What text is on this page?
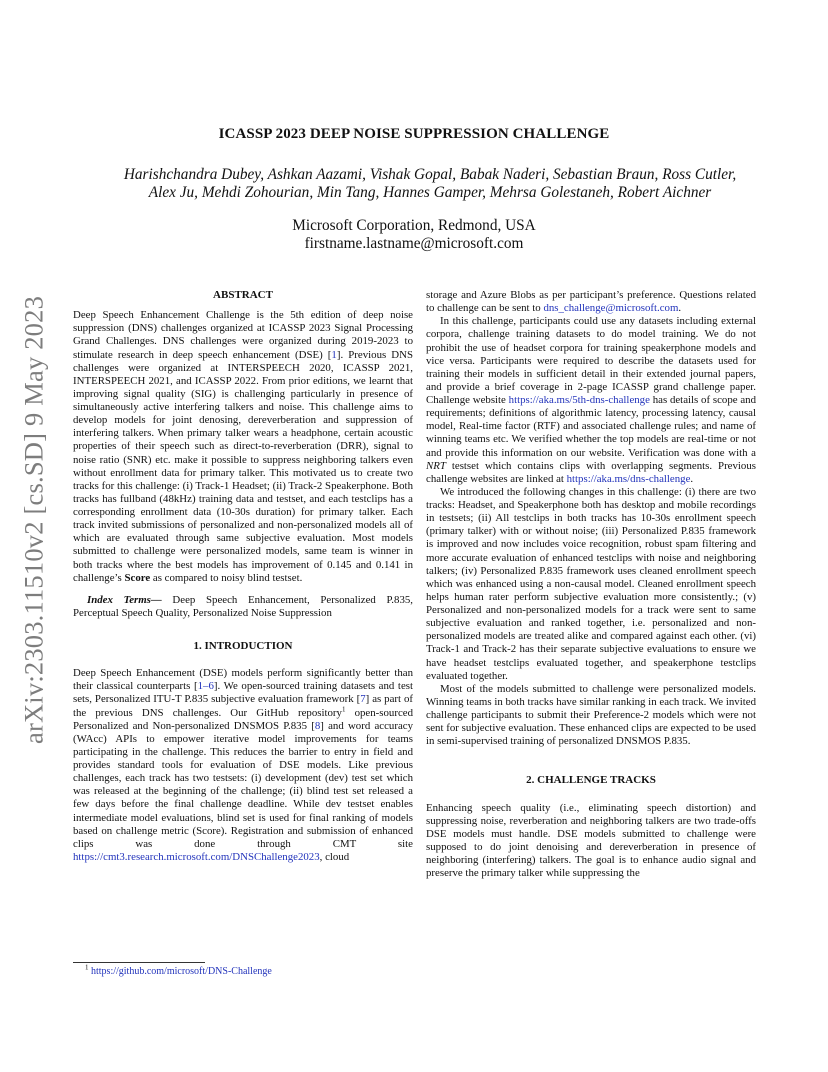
arXiv:2303.11510v2 [cs.SD] 9 May 2023
ICASSP 2023 DEEP NOISE SUPPRESSION CHALLENGE
Harishchandra Dubey, Ashkan Aazami, Vishak Gopal, Babak Naderi, Sebastian Braun, Ross Cutler,
Alex Ju, Mehdi Zohourian, Min Tang, Hannes Gamper, Mehrsa Golestaneh, Robert Aichner
Microsoft Corporation, Redmond, USA
firstname.lastname@microsoft.com
ABSTRACT

Deep Speech Enhancement Challenge is the 5th edition of deep noise suppression (DNS) challenges organized at ICASSP 2023 Signal Processing Grand Challenges. DNS challenges were organized during 2019-2023 to stimulate research in deep speech enhancement (DSE) [1]. Previous DNS challenges were organized at INTERSPEECH 2020, ICASSP 2021, INTERSPEECH 2021, and ICASSP 2022. From prior editions, we learnt that improving signal quality (SIG) is challenging particularly in presence of simultaneously active interfering talkers and noise. This challenge aims to develop models for joint denosing, dereverberation and suppression of interfering talkers. When primary talker wears a headphone, certain acoustic properties of their speech such as direct-to-reverberation (DRR), signal to noise ratio (SNR) etc. make it possible to suppress neighboring talkers even without enrollment data for primary talker. This motivated us to create two tracks for this challenge: (i) Track-1 Headset; (ii) Track-2 Speakerphone. Both tracks has fullband (48kHz) training data and testset, and each testclips has a corresponding enrollment data (10-30s duration) for primary talker. Each track invited submissions of personalized and non-personalized models all of which are evaluated through same subjective evaluation. Most models submitted to challenge were personalized models, same team is winner in both tracks where the best models has improvement of 0.145 and 0.141 in challenge’s Score as compared to noisy blind testset.

Index Terms— Deep Speech Enhancement, Personalized P.835, Perceptual Speech Quality, Personalized Noise Suppression

1. INTRODUCTION

Deep Speech Enhancement (DSE) models perform significantly better than their classical counterparts [1–6]. We open-sourced training datasets and test sets, Personalized ITU-T P.835 subjective evaluation framework [7] as part of the previous DNS challenges. Our GitHub repository$^1$ open-sourced Personalized and Non-personalized DNSMOS P.835 [8] and word accuracy (WAcc) APIs to empower iterative model improvements for teams participating in the challenge. This reduces the barrier to entry in field and provides standard tools for evaluation of DSE models. Like previous challenges, each track has two testsets: (i) development (dev) test set which was released at the beginning of the challenge; (ii) blind test set released a few days before the final challenge deadline. While dev testset enables intermediate model evaluations, blind set is used for final ranking of models based on challenge metric (Score). Registration and submission of enhanced clips was done through CMT site https://cmt3.research.microsoft.com/DNSChallenge2023, cloud

$^1$ https://github.com/microsoft/DNS-Challenge

storage and Azure Blobs as per participant’s preference. Questions related to challenge can be sent to dns_challenge@microsoft.com.

In this challenge, participants could use any datasets including external corpora, challenge training datasets to do model training. We do not prohibit the use of headset corpora for training speakerphone models and vice versa. Participants were required to describe the datasets used for training their models in sufficient detail in their extended journal papers, and provide a brief coverage in 2-page ICASSP grand challenge paper. Challenge website https://aka.ms/5th-dns-challenge has details of scope and requirements; definitions of algorithmic latency, processing latency, causal model, Real-time factor (RTF) and associated challenge rules; and name of winning teams etc. We verified whether the top models are real-time or not and provide this information on our website. Verification was done with a NRT testset which contains clips with overlapping segments. Previous challenge websites are linked at https://aka.ms/dns-challenge.

We introduced the following changes in this challenge: (i) there are two tracks: Headset, and Speakerphone both has desktop and mobile recordings in testsets; (ii) All testclips in both tracks has 10-30s enrollment speech (primary talker) with or without noise; (iii) Personalized P.835 framework is improved and now includes voice recognition, robust spam filtering and more accurate evaluation of enhanced testclips with noise and neighboring talkers; (iv) Personalized P.835 framework uses cleaned enrollment speech which was enhanced using a non-causal model. Cleaned enrollment speech helps human rater perform subjective evaluation more consistently.; (v) Personalized and non-personalized models for a track were sent to same subjective evaluation and ranked together, i.e. personalized and non-personalized models are treated alike and compared against each other. (vi) Track-1 and Track-2 has their separate subjective evaluations to ensure we have headset testclips evaluated together, and speakerphone testclips evaluated together.

Most of the models submitted to challenge were personalized models. Winning teams in both tracks have similar ranking in each track. We invited challenge participants to submit their Preference-2 models which were not sent for subjective evaluation. These enhanced clips are expected to be used in semi-supervised training of personalized DNSMOS P.835.

2. CHALLENGE TRACKS

Enhancing speech quality (i.e., eliminating speech distortion) and suppressing noise, reverberation and neighboring talkers are two trade-offs DSE models must handle. DSE models submitted to challenge were supposed to do joint denoising and dereverberation in presence of neighboring (interfering) talkers. The goal is to enhance audio signal and preserve the primary talker while suppressing the
